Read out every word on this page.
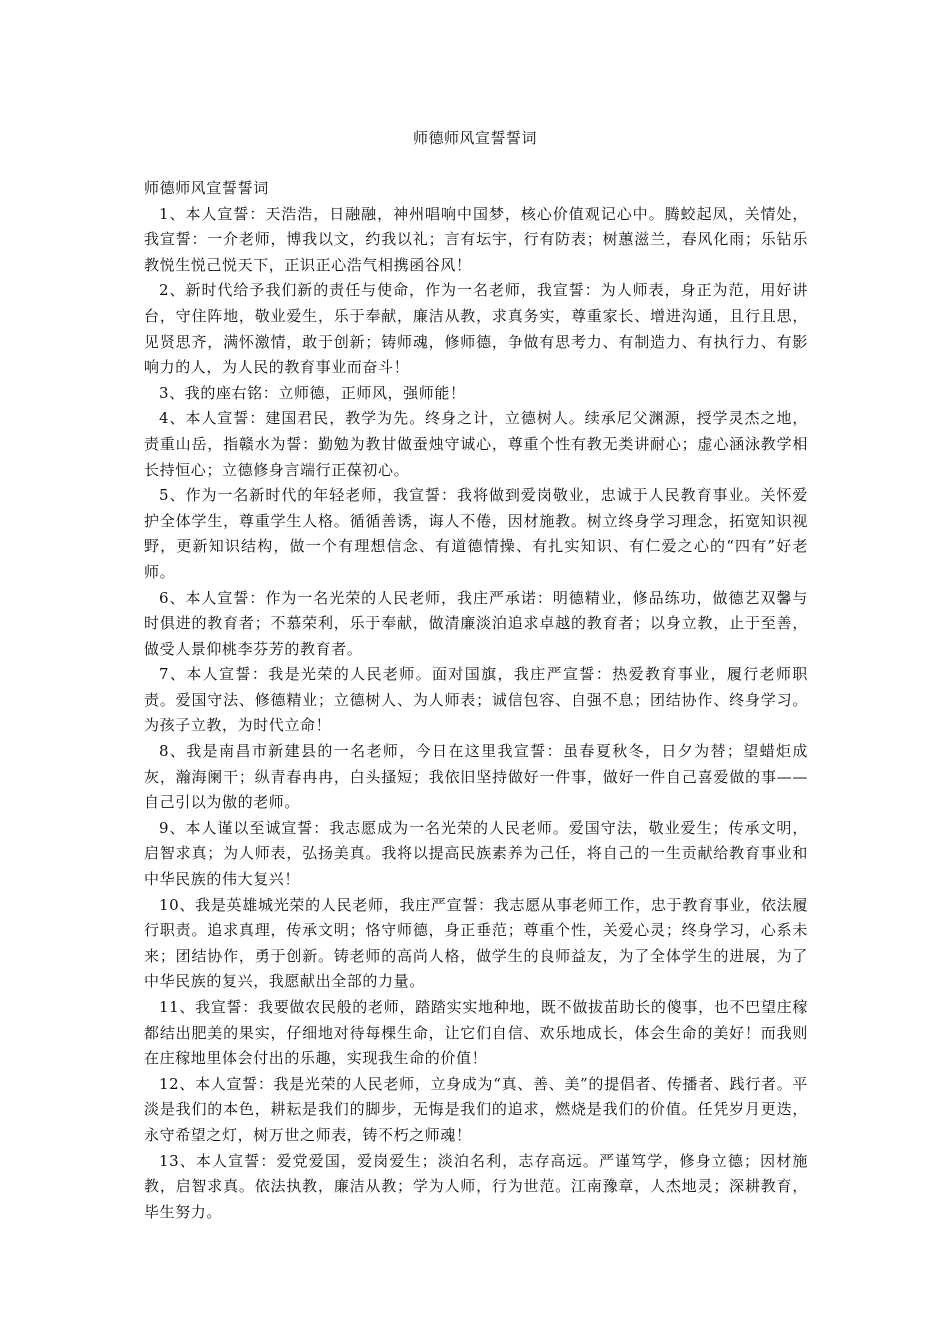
师德师风宣誓誓词

师德师风宣誓誓词

1、本人宣誓：天浩浩，日融融，神州唱响中国梦，核心价值观记心中。腾蛟起凤，关情处，我宣誓：一介老师，博我以文，约我以礼；言有坛宇，行有防表；树蕙滋兰，春风化雨；乐钻乐教悦生悦己悦天下，正识正心浩气相携函谷风！

2、新时代给予我们新的责任与使命，作为一名老师，我宣誓：为人师表，身正为范，用好讲台，守住阵地，敬业爱生，乐于奉献，廉洁从教，求真务实，尊重家长、增进沟通，且行且思，见贤思齐，满怀激情，敢于创新；铸师魂，修师德，争做有思考力、有制造力、有执行力、有影响力的人，为人民的教育事业而奋斗！

3、我的座右铭：立师德，正师风，强师能！

4、本人宣誓：建国君民，教学为先。终身之计，立德树人。续承尼父渊源，授学灵杰之地，责重山岳，指赣水为誓：勤勉为教甘做蚕烛守诚心，尊重个性有教无类讲耐心；虚心涵泳教学相长持恒心；立德修身言端行正葆初心。

5、作为一名新时代的年轻老师，我宣誓：我将做到爱岗敬业，忠诚于人民教育事业。关怀爱护全体学生，尊重学生人格。循循善诱，诲人不倦，因材施教。树立终身学习理念，拓宽知识视野，更新知识结构，做一个有理想信念、有道德情操、有扎实知识、有仁爱之心的“四有”好老师。

6、本人宣誓：作为一名光荣的人民老师，我庄严承诺：明德精业，修品练功，做德艺双馨与时俱进的教育者；不慕荣利，乐于奉献，做清廉淡泊追求卓越的教育者；以身立教，止于至善，做受人景仰桃李芬芳的教育者。

7、本人宣誓：我是光荣的人民老师。面对国旗，我庄严宣誓：热爱教育事业，履行老师职责。爱国守法、修德精业；立德树人、为人师表；诚信包容、自强不息；团结协作、终身学习。为孩子立教，为时代立命！

8、我是南昌市新建县的一名老师，今日在这里我宣誓：虽春夏秋冬，日夕为替；望蜡炬成灰，瀚海阑干；纵青春冉冉，白头搔短；我依旧坚持做好一件事，做好一件自己喜爱做的事——自己引以为傲的老师。

9、本人谨以至诚宣誓：我志愿成为一名光荣的人民老师。爱国守法，敬业爱生；传承文明，启智求真；为人师表，弘扬美真。我将以提高民族素养为己任，将自己的一生贡献给教育事业和中华民族的伟大复兴！

10、我是英雄城光荣的人民老师，我庄严宣誓：我志愿从事老师工作，忠于教育事业，依法履行职责。追求真理，传承文明；恪守师德，身正垂范；尊重个性，关爱心灵；终身学习，心系未来；团结协作，勇于创新。铸老师的高尚人格，做学生的良师益友，为了全体学生的进展，为了中华民族的复兴，我愿献出全部的力量。

11、我宣誓：我要做农民般的老师，踏踏实实地种地，既不做拔苗助长的傻事，也不巴望庄稼都结出肥美的果实，仔细地对待每棵生命，让它们自信、欢乐地成长，体会生命的美好！而我则在庄稼地里体会付出的乐趣，实现我生命的价值！

12、本人宣誓：我是光荣的人民老师，立身成为“真、善、美”的提倡者、传播者、践行者。平淡是我们的本色，耕耘是我们的脚步，无悔是我们的追求，燃烧是我们的价值。任凭岁月更迭，永守希望之灯，树万世之师表，铸不朽之师魂！

13、本人宣誓：爱党爱国，爱岗爱生；淡泊名利，志存高远。严谨笃学，修身立德；因材施教，启智求真。依法执教，廉洁从教；学为人师，行为世范。江南豫章，人杰地灵；深耕教育，毕生努力。
